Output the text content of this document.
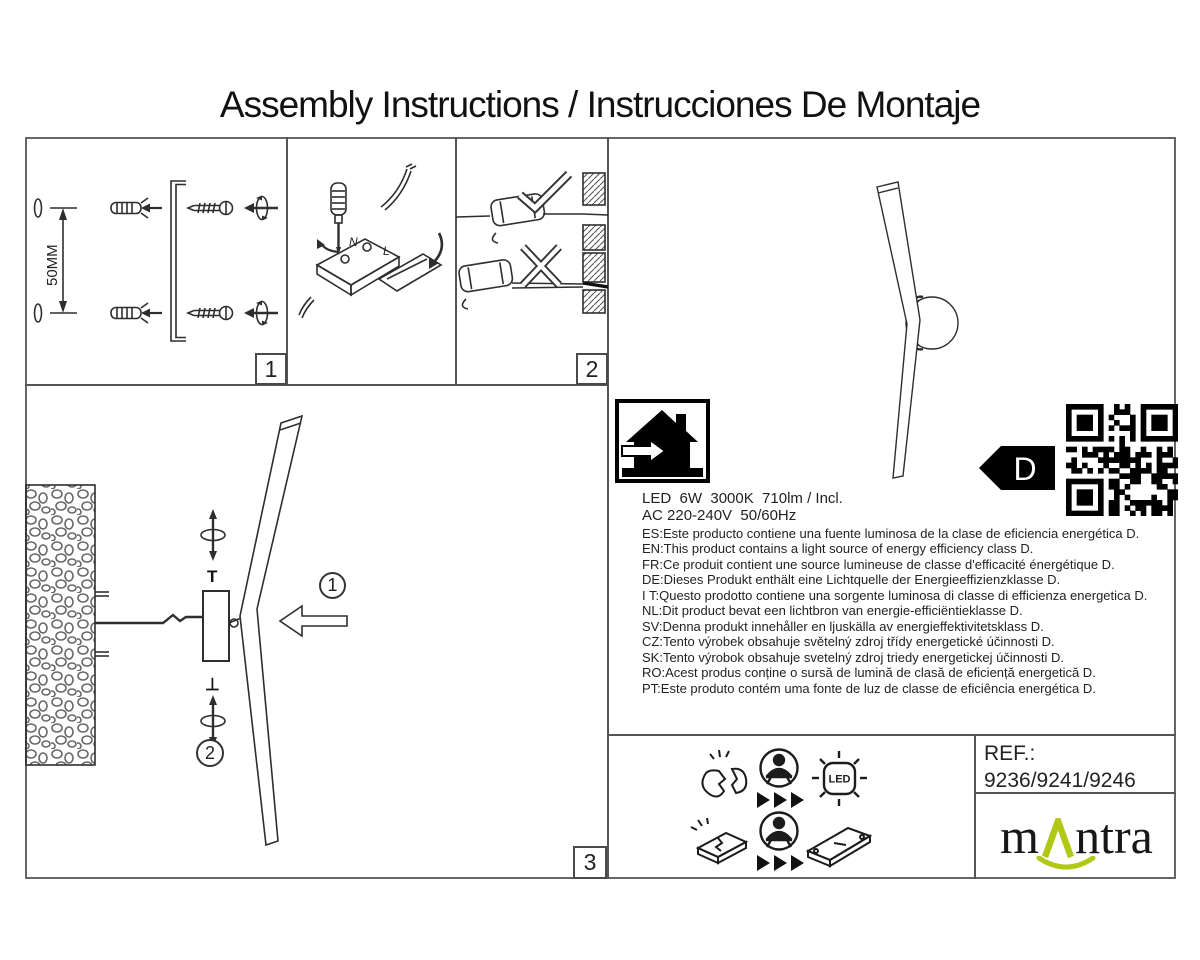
Assembly Instructions / Instrucciones De Montaje
50MM
N
L
T
⊥
1
2
1	2
3
D
LED  6W  3000K  710lm / Incl.
AC 220-240V  50/60Hz
ES:Este producto contiene una fuente luminosa de la clase de eficiencia energética D.
EN:This product contains a light source of energy efficiency class D.
FR:Ce produit contient une source lumineuse de classe d'efficacité énergétique D.
DE:Dieses Produkt enthält eine Lichtquelle der Energieeffizienzklasse D.
I T:Questo prodotto contiene una sorgente luminosa di classe di efficienza energetica D.
NL:Dit product bevat een lichtbron van energie-efficiëntieklasse D.
SV:Denna produkt innehåller en ljuskälla av energieffektivitetsklass D.
CZ:Tento výrobek obsahuje světelný zdroj třídy energetické účinnosti D.
SK:Tento výrobok obsahuje svetelný zdroj triedy energetickej účinnosti D.
RO:Acest produs conține o sursă de lumină de clasă de eficiență energetică D.
PT:Este produto contém uma fonte de luz de classe de eficiência energética D.
LED
REF.:
9236/9241/9246
m ntra
